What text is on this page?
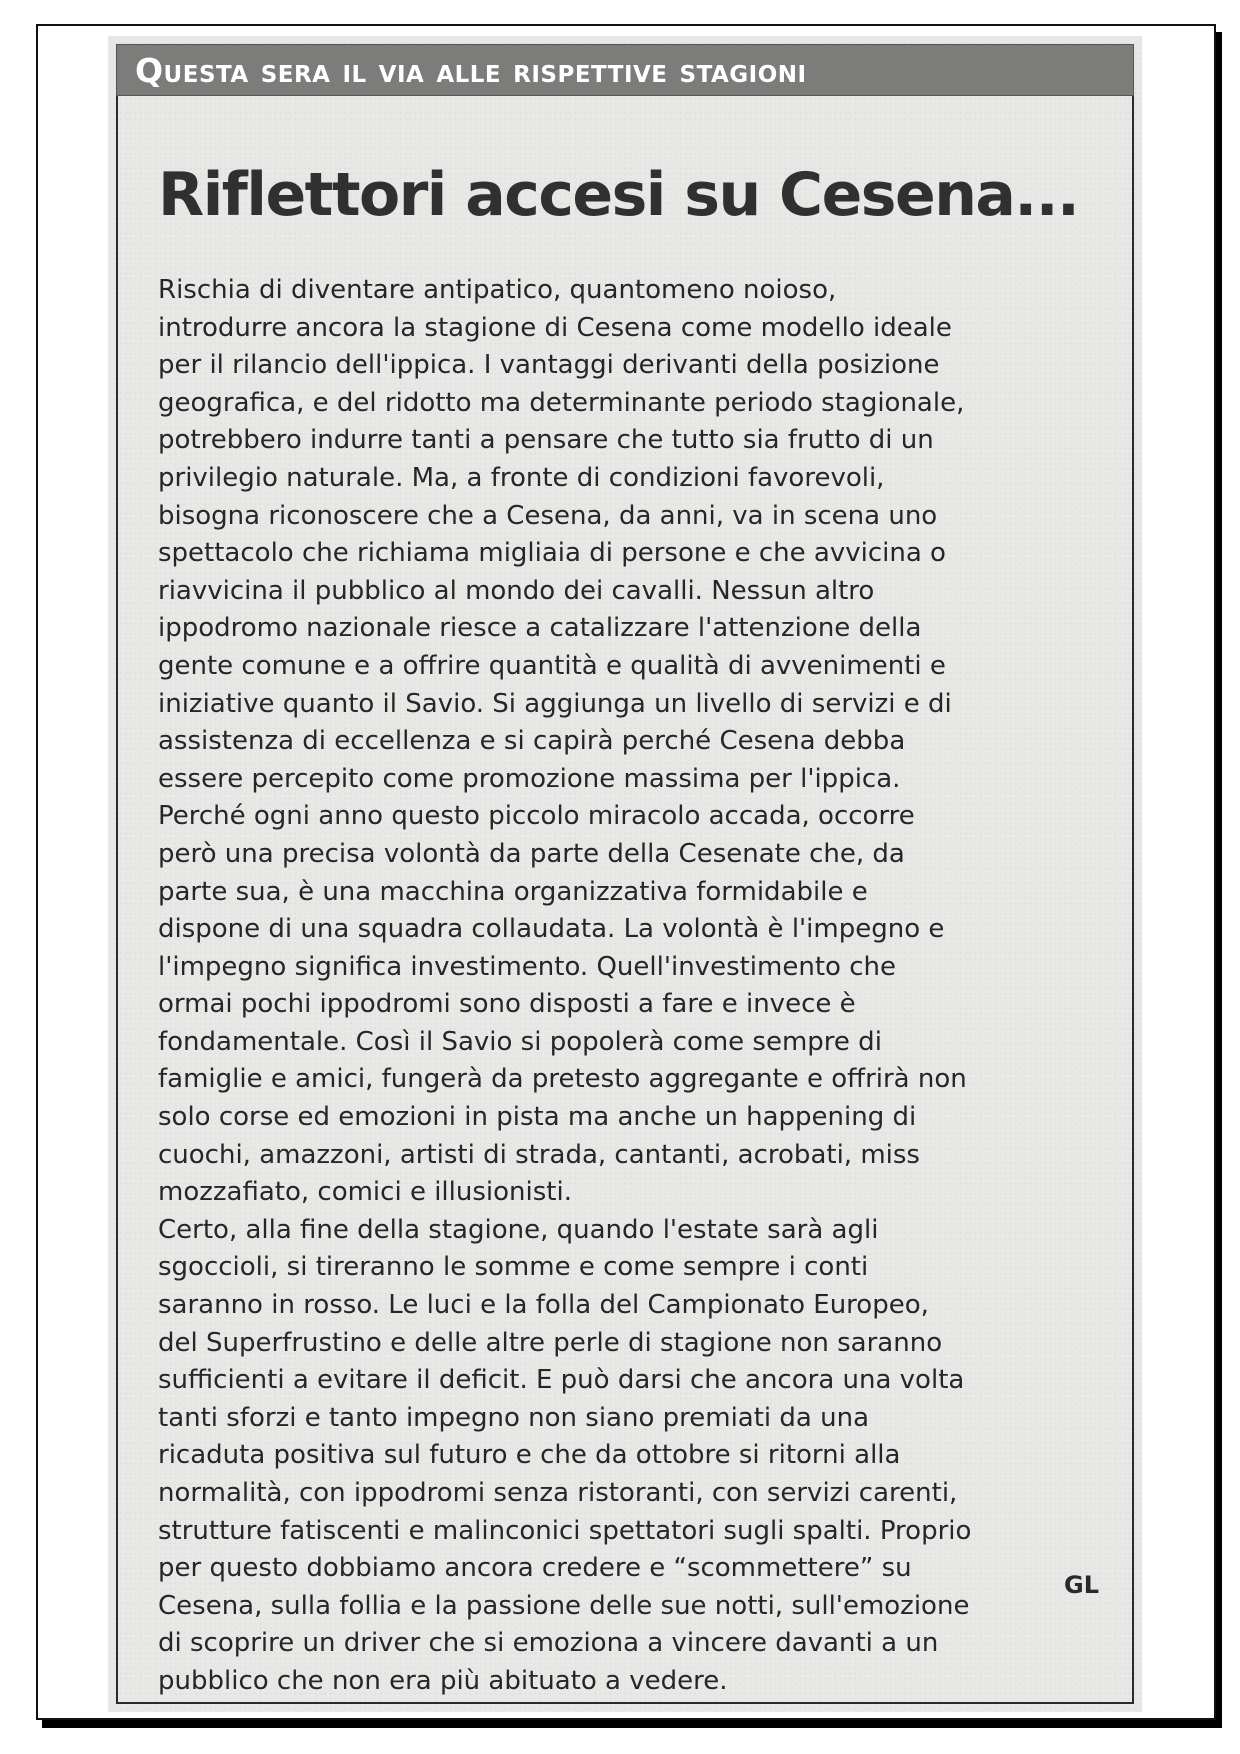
Questa sera il via alle rispettive stagioni
Riflettori accesi su Cesena...
Rischia di diventare antipatico, quantomeno noioso,
introdurre ancora la stagione di Cesena come modello ideale
per il rilancio dell'ippica. I vantaggi derivanti della posizione
geografica, e del ridotto ma determinante periodo stagionale,
potrebbero indurre tanti a pensare che tutto sia frutto di un
privilegio naturale. Ma, a fronte di condizioni favorevoli,
bisogna riconoscere che a Cesena, da anni, va in scena uno
spettacolo che richiama migliaia di persone e che avvicina o
riavvicina il pubblico al mondo dei cavalli. Nessun altro
ippodromo nazionale riesce a catalizzare l'attenzione della
gente comune e a offrire quantità e qualità di avvenimenti e
iniziative quanto il Savio. Si aggiunga un livello di servizi e di
assistenza di eccellenza e si capirà perché Cesena debba
essere percepito come promozione massima per l'ippica.
Perché ogni anno questo piccolo miracolo accada, occorre
però una precisa volontà da parte della Cesenate che, da
parte sua, è una macchina organizzativa formidabile e
dispone di una squadra collaudata. La volontà è l'impegno e
l'impegno significa investimento. Quell'investimento che
ormai pochi ippodromi sono disposti a fare e invece è
fondamentale. Così il Savio si popolerà come sempre di
famiglie e amici, fungerà da pretesto aggregante e offrirà non
solo corse ed emozioni in pista ma anche un happening di
cuochi, amazzoni, artisti di strada, cantanti, acrobati, miss
mozzafiato, comici e illusionisti.
Certo, alla fine della stagione, quando l'estate sarà agli
sgoccioli, si tireranno le somme e come sempre i conti
saranno in rosso. Le luci e la folla del Campionato Europeo,
del Superfrustino e delle altre perle di stagione non saranno
sufficienti a evitare il deficit. E può darsi che ancora una volta
tanti sforzi e tanto impegno non siano premiati da una
ricaduta positiva sul futuro e che da ottobre si ritorni alla
normalità, con ippodromi senza ristoranti, con servizi carenti,
strutture fatiscenti e malinconici spettatori sugli spalti. Proprio
per questo dobbiamo ancora credere e “scommettere” su
Cesena, sulla follia e la passione delle sue notti, sull'emozione
di scoprire un driver che si emoziona a vincere davanti a un
pubblico che non era più abituato a vedere.
GL
